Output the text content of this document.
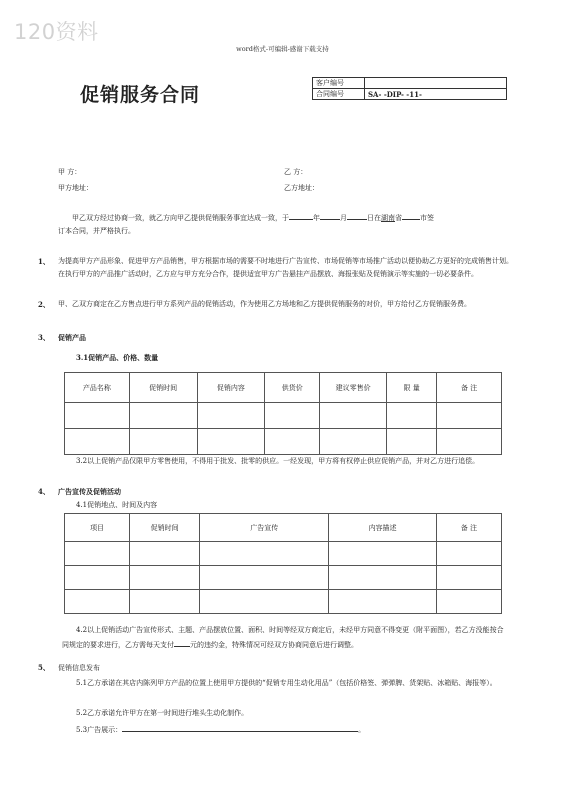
120资料
word格式-可编辑-感谢下载支持
促销服务合同
客户编号	
合同编号	SA- -DIP- -11-
甲 方：	乙 方：
甲方地址：	乙方地址：
甲乙双方经过协商一致，就乙方向甲乙提供促销服务事宜达成一致，于	年	月	日在湖南省	市签
订本合同，并严格执行。
1、 为提高甲方产品形象、促进甲方产品销售，甲方根据市场的需要不时地进行广告宣传、市场促销等市场推广活动以便协助乙方更好的完成销售计划。在执行甲方的产品推广活动时，乙方应与甲方充分合作，提供适宜甲方广告悬挂产品摆放、海报张贴及促销演示等实施的一切必要条件。
2、 甲、乙双方商定在乙方售点进行甲方系列产品的促销活动，作为使用乙方场地和乙方提供促销服务的对价，甲方给付乙方促销服务费。
3、 促销产品
3.1促销产品、价格、数量
产品名称	促销时间	促销内容	供货价	建议零售价	限 量	备 注

3.2以上促销产品仅限甲方零售使用，不得用于批发、批零的供应。一经发现，甲方将有权停止供应促销产品，并对乙方进行追偿。
4、 广告宣传及促销活动
4.1促销地点、时间及内容
项目	促销时间	广告宣传	内容描述	备 注

4.2以上促销活动广告宣传形式、主题、产品摆放位置、面积、时间等经双方商定后，未经甲方同意不得变更（附平面图），若乙方没能按合同规定的要求进行，乙方需每天支付 元的违约金，特殊情况可经双方协商同意后进行调整。
5、 促销信息发布
5.1乙方承诺在其店内陈列甲方产品的位置上使用甲方提供的“促销专用生动化用品”（包括价格签、弹弹脾、货架贴、冰箱贴、海报等）。
5.2乙方承诺允许甲方在第一时间进行堆头生动化制作。
5.3广告展示：	。
